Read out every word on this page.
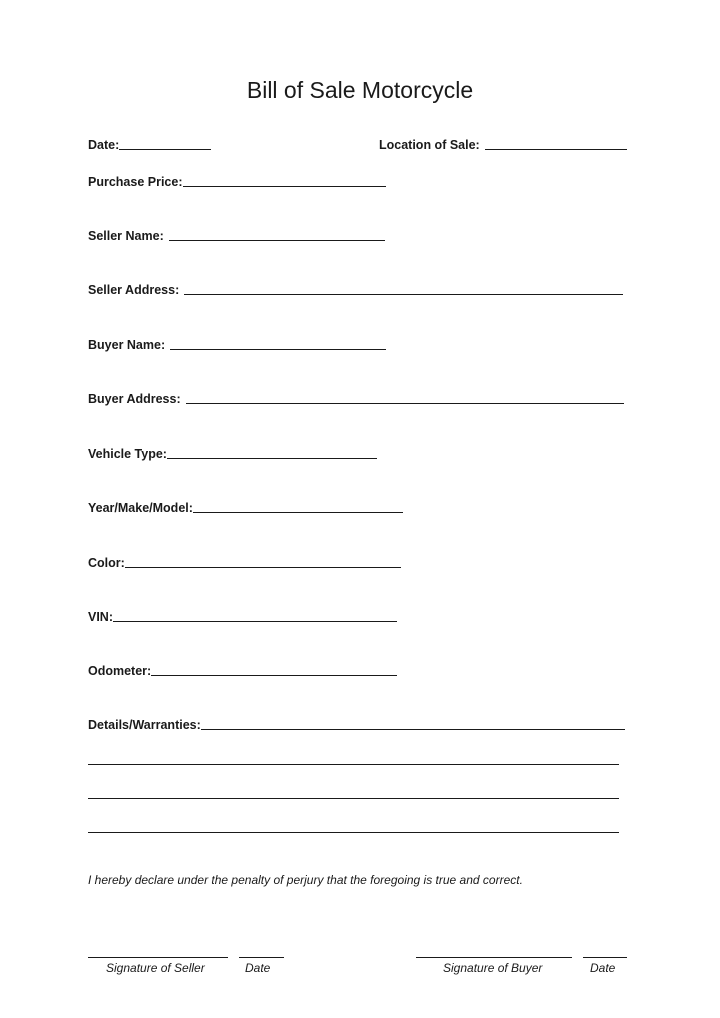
Bill of Sale Motorcycle
Date:	Location of Sale:
Purchase Price:
Seller Name:
Seller Address:
Buyer Name:
Buyer Address:
Vehicle Type:
Year/Make/Model:
Color:
VIN:
Odometer:
Details/Warranties:
I hereby declare under the penalty of perjury that the foregoing is true and correct.
Signature of Seller	Date	Signature of Buyer	Date
